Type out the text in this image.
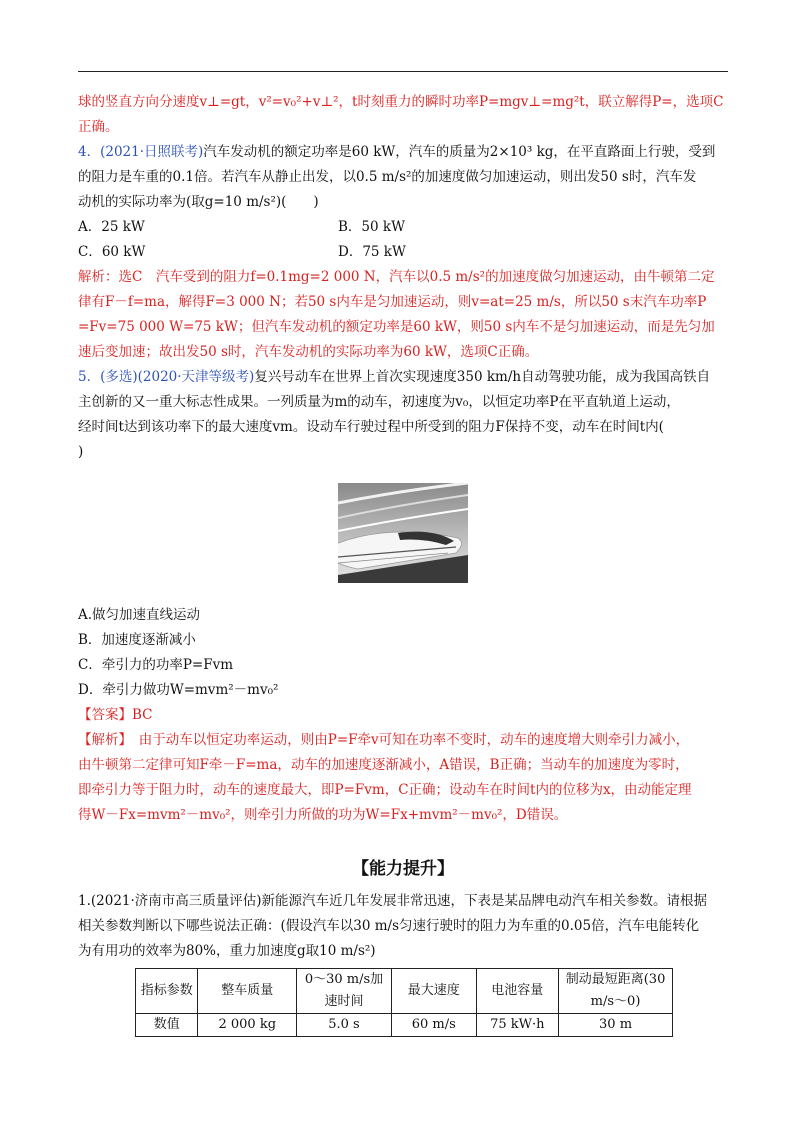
球的竖直方向分速度v⊥=gt，v²=v₀²+v⊥²，t时刻重力的瞬时功率P=mgv⊥=mg²t，联立解得P=，选项C

正确。

4．(2021·日照联考)汽车发动机的额定功率是60 kW，汽车的质量为2×10³ kg，在平直路面上行驶，受到

的阻力是车重的0.1倍。若汽车从静止出发，以0.5 m/s²的加速度做匀加速运动，则出发50 s时，汽车发

动机的实际功率为(取g=10 m/s²)(　　)

A．25 kW	B．50 kW
C．60 kW	D．75 kW

解析：选C　汽车受到的阻力f=0.1mg=2 000 N，汽车以0.5 m/s²的加速度做匀加速运动，由牛顿第二定

律有F－f=ma，解得F=3 000 N；若50 s内车是匀加速运动，则v=at=25 m/s，所以50 s末汽车功率P

=Fv=75 000 W=75 kW；但汽车发动机的额定功率是60 kW，则50 s内车不是匀加速运动，而是先匀加

速后变加速；故出发50 s时，汽车发动机的实际功率为60 kW，选项C正确。

5．(多选)(2020·天津等级考)复兴号动车在世界上首次实现速度350 km/h自动驾驶功能，成为我国高铁自

主创新的又一重大标志性成果。一列质量为m的动车，初速度为v₀，以恒定功率P在平直轨道上运动，

经时间t达到该功率下的最大速度vm。设动车行驶过程中所受到的阻力F保持不变，动车在时间t内(

)

A.做匀加速直线运动

B．加速度逐渐减小

C．牵引力的功率P=Fvm

D．牵引力做功W=mvm²－mv₀²

【答案】BC

【解析】　由于动车以恒定功率运动，则由P=F牵v可知在功率不变时，动车的速度增大则牵引力减小，

由牛顿第二定律可知F牵－F=ma，动车的加速度逐渐减小，A错误，B正确；当动车的加速度为零时，

即牵引力等于阻力时，动车的速度最大，即P=Fvm，C正确；设动车在时间t内的位移为x，由动能定理

得W－Fx=mvm²－mv₀²，则牵引力所做的功为W=Fx+mvm²－mv₀²，D错误。

【能力提升】

1.(2021·济南市高三质量评估)新能源汽车近几年发展非常迅速，下表是某品牌电动汽车相关参数。请根据

相关参数判断以下哪些说法正确：(假设汽车以30 m/s匀速行驶时的阻力为车重的0.05倍，汽车电能转化

为有用功的效率为80%，重力加速度g取10 m/s²)

指标参数	整车质量	0～30 m/s加速时间	最大速度	电池容量	制动最短距离(30 m/s～0)
数值	2 000 kg	5.0 s	60 m/s	75 kW·h	30 m
